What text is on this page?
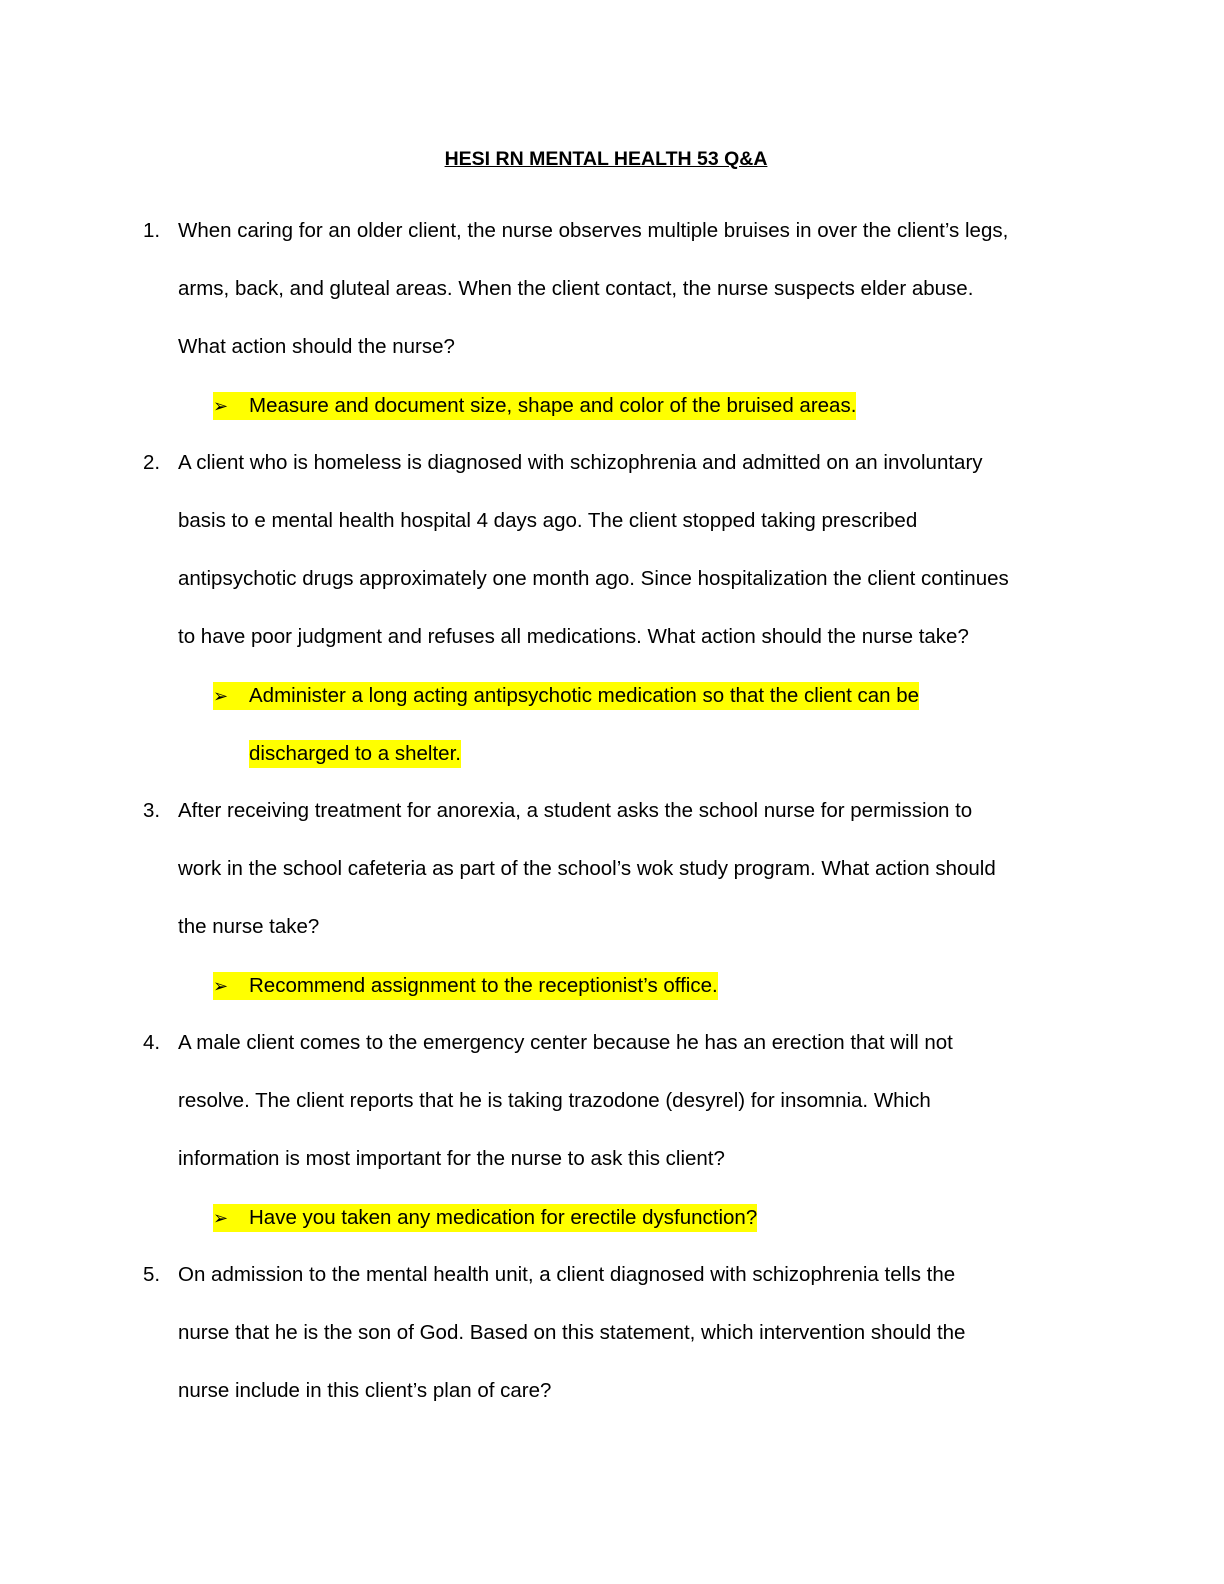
HESI RN MENTAL HEALTH 53 Q&A
1. When caring for an older client, the nurse observes multiple bruises in over the client’s legs,
arms, back, and gluteal areas. When the client contact, the nurse suspects elder abuse.
What action should the nurse?
➢	Measure and document size, shape and color of the bruised areas.
2. A client who is homeless is diagnosed with schizophrenia and admitted on an involuntary
basis to e mental health hospital 4 days ago. The client stopped taking prescribed
antipsychotic drugs approximately one month ago. Since hospitalization the client continues
to have poor judgment and refuses all medications. What action should the nurse take?
➢	Administer a long acting antipsychotic medication so that the client can be
discharged to a shelter.
3. After receiving treatment for anorexia, a student asks the school nurse for permission to
work in the school cafeteria as part of the school’s wok study program. What action should
the nurse take?
➢	Recommend assignment to the receptionist’s office.
4. A male client comes to the emergency center because he has an erection that will not
resolve. The client reports that he is taking trazodone (desyrel) for insomnia. Which
information is most important for the nurse to ask this client?
➢	Have you taken any medication for erectile dysfunction?
5. On admission to the mental health unit, a client diagnosed with schizophrenia tells the
nurse that he is the son of God. Based on this statement, which intervention should the
nurse include in this client’s plan of care?
